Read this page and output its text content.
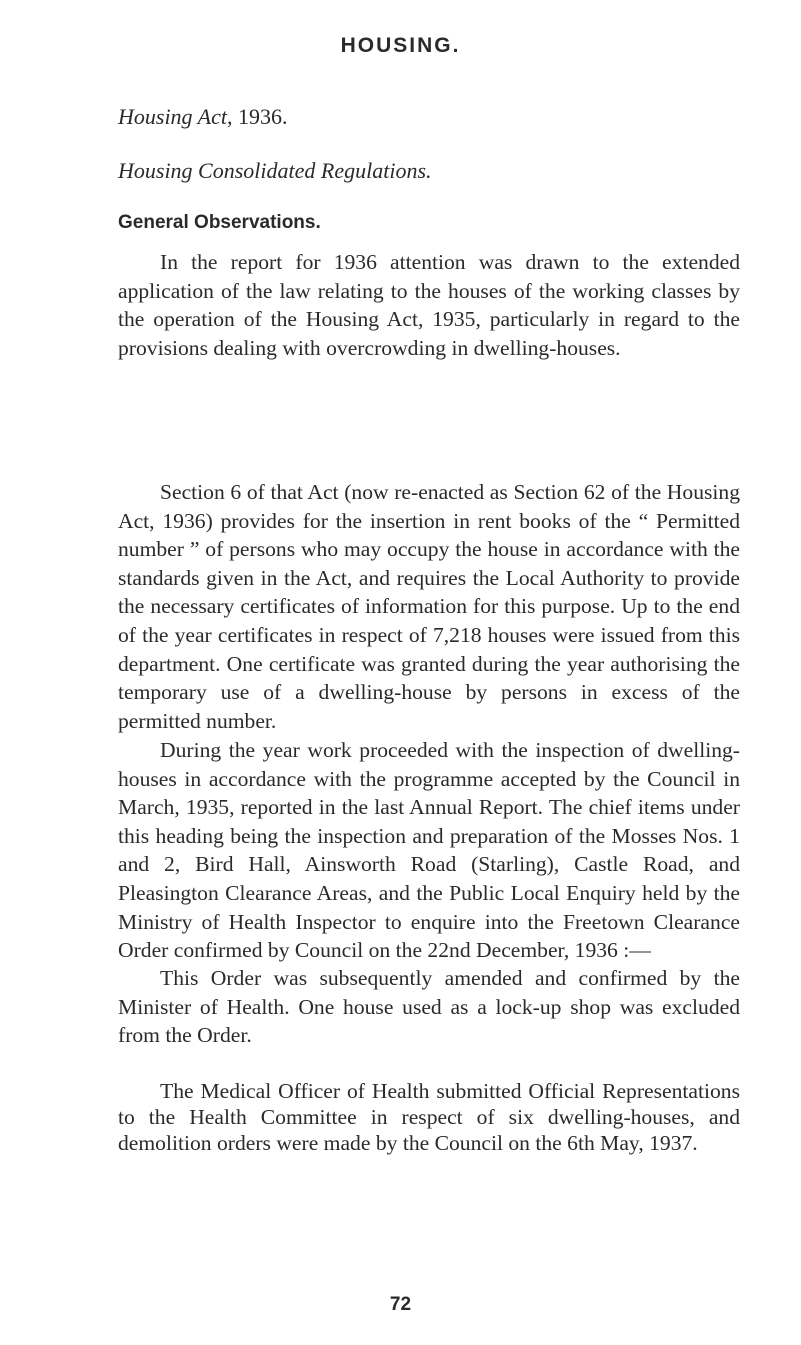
HOUSING.

Housing Act, 1936.

Housing Consolidated Regulations.

General Observations.

In the report for 1936 attention was drawn to the extended application of the law relating to the houses of the working classes by the operation of the Housing Act, 1935, particularly in regard to the provisions dealing with overcrowding in dwelling-houses.

Section 6 of that Act (now re-enacted as Section 62 of the Housing Act, 1936) provides for the insertion in rent books of the “ Permitted number ” of persons who may occupy the house in accordance with the standards given in the Act, and requires the Local Authority to provide the necessary certificates of information for this purpose. Up to the end of the year certificates in respect of 7,218 houses were issued from this department. One certificate was granted during the year authorising the temporary use of a dwelling-house by persons in excess of the permitted number.

During the year work proceeded with the inspection of dwelling-houses in accordance with the programme accepted by the Council in March, 1935, reported in the last Annual Report. The chief items under this heading being the inspection and preparation of the Mosses Nos. 1 and 2, Bird Hall, Ainsworth Road (Starling), Castle Road, and Pleasington Clearance Areas, and the Public Local Enquiry held by the Ministry of Health Inspector to enquire into the Freetown Clearance Order confirmed by Council on the 22nd December, 1936 :—

This Order was subsequently amended and confirmed by the Minister of Health. One house used as a lock-up shop was excluded from the Order.

The Medical Officer of Health submitted Official Representations to the Health Committee in respect of six dwelling-houses, and demolition orders were made by the Council on the 6th May, 1937.

72
